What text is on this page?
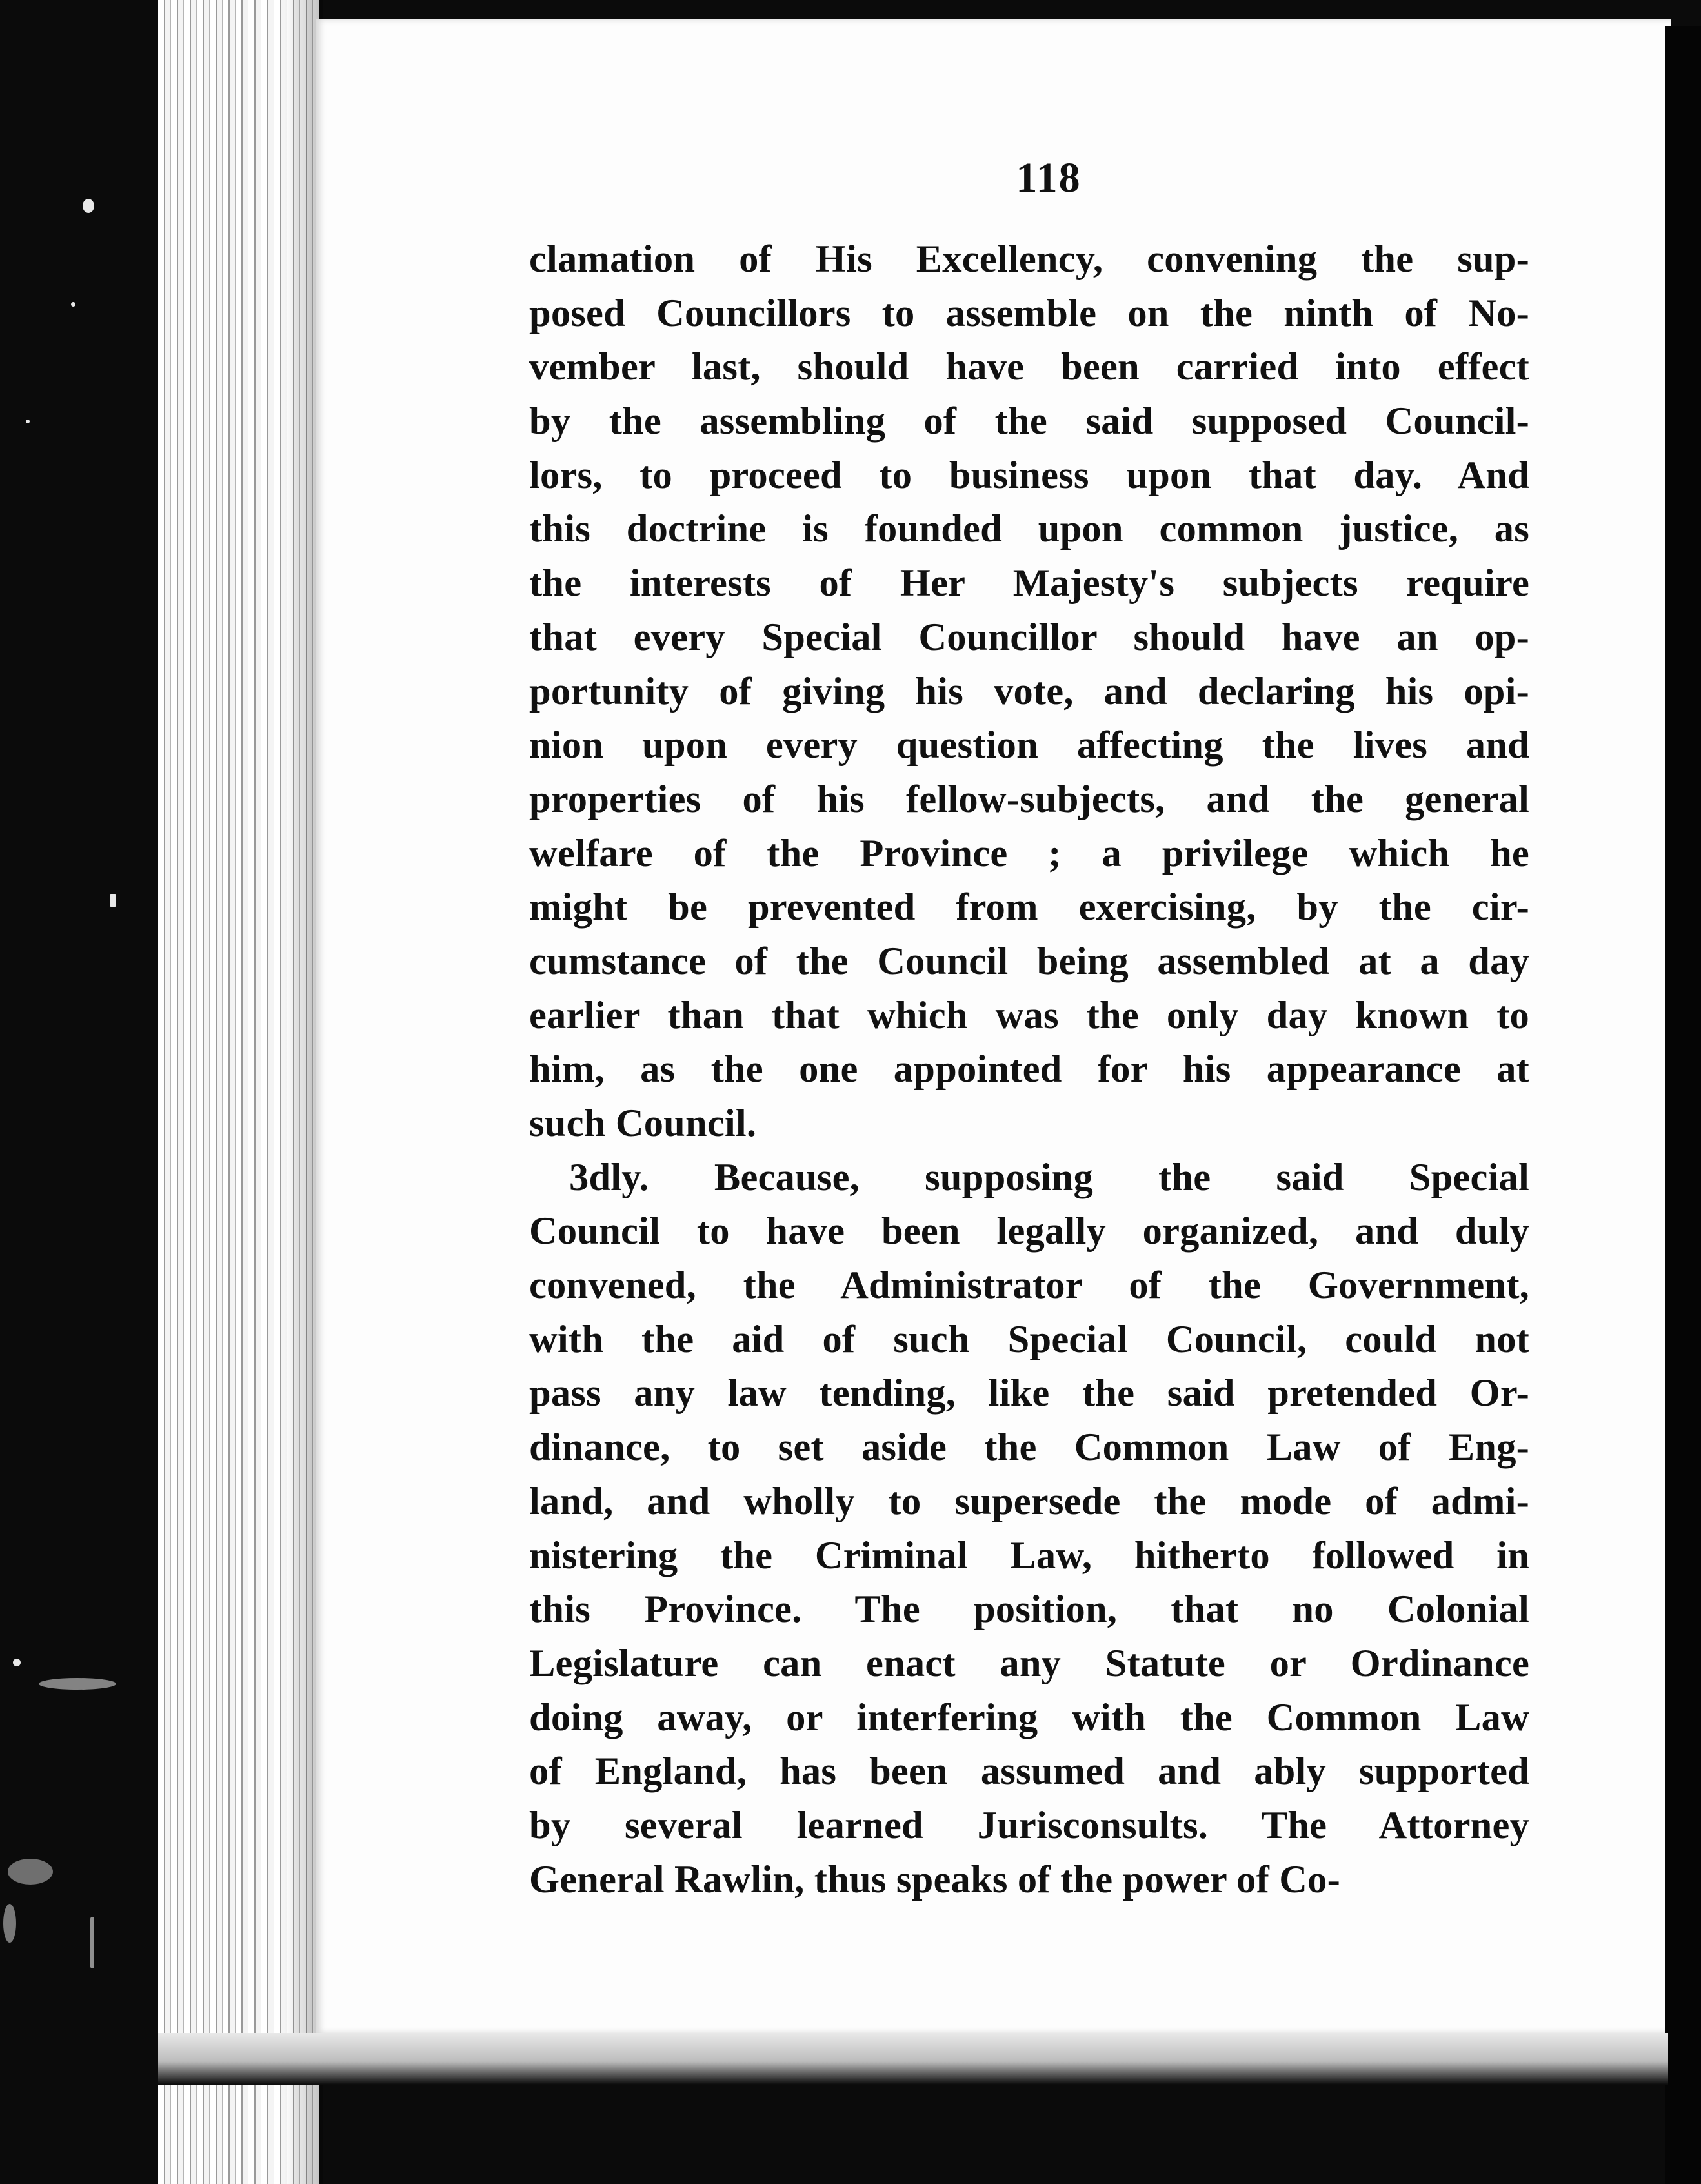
118
clamation of His Excellency, convening the sup-
posed Councillors to assemble on the ninth of No-
vember last, should have been carried into effect
by the assembling of the said supposed Council-
lors, to proceed to business upon that day. And
this doctrine is founded upon common justice, as
the interests of Her Majesty's subjects require
that every Special Councillor should have an op-
portunity of giving his vote, and declaring his opi-
nion upon every question affecting the lives and
properties of his fellow-subjects, and the general
welfare of the Province ; a privilege which he
might be prevented from exercising, by the cir-
cumstance of the Council being assembled at a day
earlier than that which was the only day known to
him, as the one appointed for his appearance at
such Council.
3dly. Because, supposing the said Special
Council to have been legally organized, and duly
convened, the Administrator of the Government,
with the aid of such Special Council, could not
pass any law tending, like the said pretended Or-
dinance, to set aside the Common Law of Eng-
land, and wholly to supersede the mode of admi-
nistering the Criminal Law, hitherto followed in
this Province. The position, that no Colonial
Legislature can enact any Statute or Ordinance
doing away, or interfering with the Common Law
of England, has been assumed and ably supported
by several learned Jurisconsults. The Attorney
General Rawlin, thus speaks of the power of Co-
